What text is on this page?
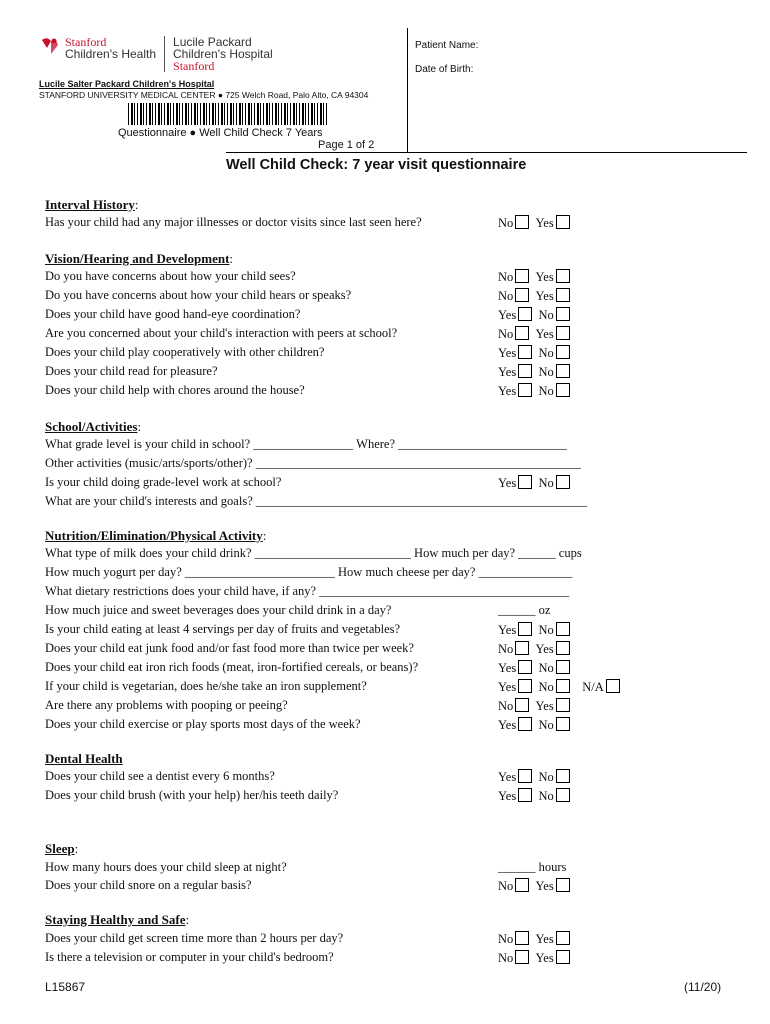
Stanford
Children's Health
Lucile Packard
Children's Hospital
Stanford
Lucile Salter Packard Children's Hospital
STANFORD UNIVERSITY MEDICAL CENTER ● 725 Welch Road, Palo Alto, CA 94304
Questionnaire ● Well Child Check 7 Years
Page 1 of 2
Patient Name:
Date of Birth:
Well Child Check: 7 year visit questionnaire
Interval History:
Has your child had any major illnesses or doctor visits since last seen here?	No Yes
Vision/Hearing and Development:
Do you have concerns about how your child sees?	No Yes
Do you have concerns about how your child hears or speaks?	No Yes
Does your child have good hand-eye coordination?	Yes No
Are you concerned about your child's interaction with peers at school?	No Yes
Does your child play cooperatively with other children?	Yes No
Does your child read for pleasure?	Yes No
Does your child help with chores around the house?	Yes No
School/Activities:
What grade level is your child in school? ________________ Where? ___________________________
Other activities (music/arts/sports/other)? ____________________________________________________
Is your child doing grade-level work at school?	Yes No
What are your child's interests and goals? _____________________________________________________
Nutrition/Elimination/Physical Activity:
What type of milk does your child drink? _________________________ How much per day? ______ cups
How much yogurt per day? ________________________ How much cheese per day? _______________
What dietary restrictions does your child have, if any? ________________________________________
How much juice and sweet beverages does your child drink in a day?	______ oz
Is your child eating at least 4 servings per day of fruits and vegetables?	Yes No
Does your child eat junk food and/or fast food more than twice per week?	No Yes
Does your child eat iron rich foods (meat, iron-fortified cereals, or beans)?	Yes No
If your child is vegetarian, does he/she take an iron supplement?	Yes No N/A
Are there any problems with pooping or peeing?	No Yes
Does your child exercise or play sports most days of the week?	Yes No
Dental Health
Does your child see a dentist every 6 months?	Yes No
Does your child brush (with your help) her/his teeth daily?	Yes No
Sleep:
How many hours does your child sleep at night?	______ hours
Does your child snore on a regular basis?	No Yes
Staying Healthy and Safe:
Does your child get screen time more than 2 hours per day?	No Yes
Is there a television or computer in your child's bedroom?	No Yes
L15867	(11/20)
